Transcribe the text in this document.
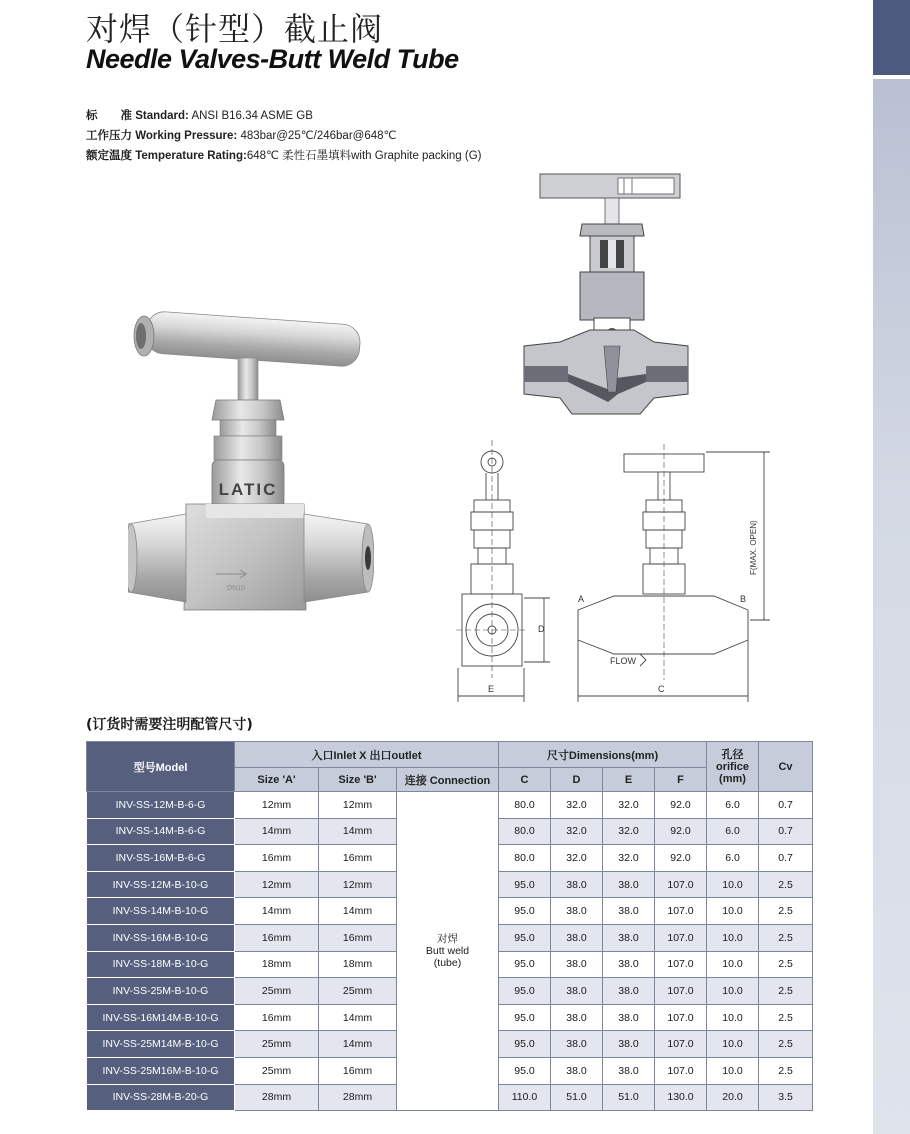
对焊（针型）截止阀
Needle Valves-Butt Weld Tube
标　　准 Standard: ANSI B16.34 ASME GB
工作压力 Working Pressure: 483bar@25℃/246bar@648℃
额定温度 Temperature Rating:648℃ 柔性石墨填料with Graphite packing (G)
LATIC
DN10
E
D
A	B
C
FLOW
F(MAX. OPEN)
(订货时需要注明配管尺寸)
型号Model	入口Inlet X 出口outlet			尺寸Dimensions(mm)				孔径
orifice
(mm)	Cv
	Size 'A'	Size 'B'	连接 Connection	C	D	E	F		
INV-SS-12M-B-6-G	12mm	12mm	对焊
Butt weld
(tube)	80.0	32.0	32.0	92.0	6.0	0.7
INV-SS-14M-B-6-G	14mm	14mm		80.0	32.0	32.0	92.0	6.0	0.7
INV-SS-16M-B-6-G	16mm	16mm		80.0	32.0	32.0	92.0	6.0	0.7
INV-SS-12M-B-10-G	12mm	12mm		95.0	38.0	38.0	107.0	10.0	2.5
INV-SS-14M-B-10-G	14mm	14mm		95.0	38.0	38.0	107.0	10.0	2.5
INV-SS-16M-B-10-G	16mm	16mm		95.0	38.0	38.0	107.0	10.0	2.5
INV-SS-18M-B-10-G	18mm	18mm		95.0	38.0	38.0	107.0	10.0	2.5
INV-SS-25M-B-10-G	25mm	25mm		95.0	38.0	38.0	107.0	10.0	2.5
INV-SS-16M14M-B-10-G	16mm	14mm		95.0	38.0	38.0	107.0	10.0	2.5
INV-SS-25M14M-B-10-G	25mm	14mm		95.0	38.0	38.0	107.0	10.0	2.5
INV-SS-25M16M-B-10-G	25mm	16mm		95.0	38.0	38.0	107.0	10.0	2.5
INV-SS-28M-B-20-G	28mm	28mm		110.0	51.0	51.0	130.0	20.0	3.5
